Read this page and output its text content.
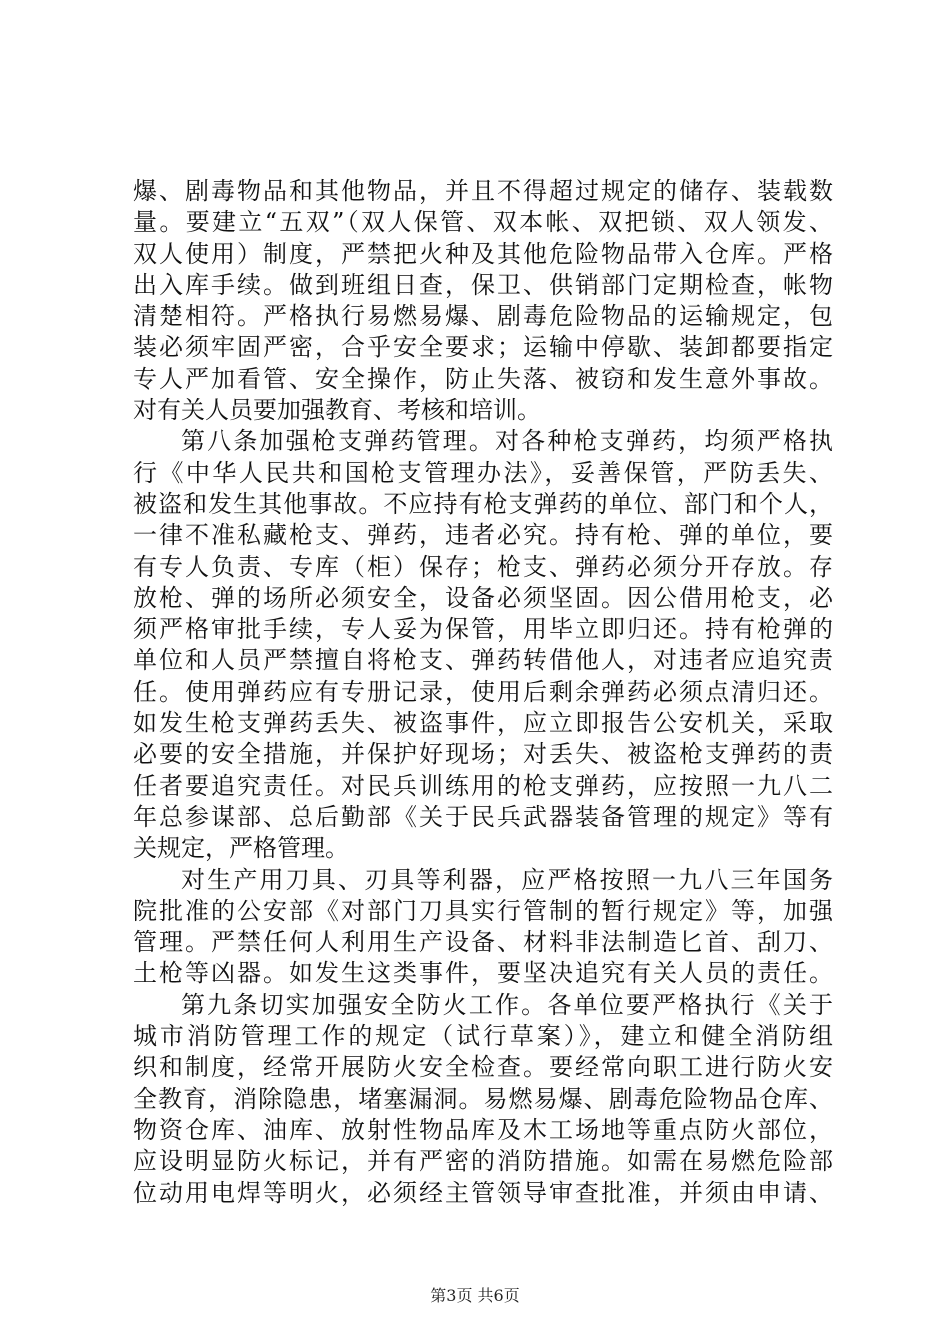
爆、剧毒物品和其他物品，并且不得超过规定的储存、装载数
量。要建立“五双”（双人保管、双本帐、双把锁、双人领发、
双人使用）制度，严禁把火种及其他危险物品带入仓库。严格
出入库手续。做到班组日查，保卫、供销部门定期检查，帐物
清楚相符。严格执行易燃易爆、剧毒危险物品的运输规定，包
装必须牢固严密，合乎安全要求；运输中停歇、装卸都要指定
专人严加看管、安全操作，防止失落、被窃和发生意外事故。
对有关人员要加强教育、考核和培训。
第八条加强枪支弹药管理。对各种枪支弹药，均须严格执
行《中华人民共和国枪支管理办法》，妥善保管，严防丢失、
被盗和发生其他事故。不应持有枪支弹药的单位、部门和个人，
一律不准私藏枪支、弹药，违者必究。持有枪、弹的单位，要
有专人负责、专库（柜）保存；枪支、弹药必须分开存放。存
放枪、弹的场所必须安全，设备必须坚固。因公借用枪支，必
须严格审批手续，专人妥为保管，用毕立即归还。持有枪弹的
单位和人员严禁擅自将枪支、弹药转借他人，对违者应追究责
任。使用弹药应有专册记录，使用后剩余弹药必须点清归还。
如发生枪支弹药丢失、被盗事件，应立即报告公安机关，采取
必要的安全措施，并保护好现场；对丢失、被盗枪支弹药的责
任者要追究责任。对民兵训练用的枪支弹药，应按照一九八二
年总参谋部、总后勤部《关于民兵武器装备管理的规定》等有
关规定，严格管理。
对生产用刀具、刃具等利器，应严格按照一九八三年国务
院批准的公安部《对部门刀具实行管制的暂行规定》等，加强
管理。严禁任何人利用生产设备、材料非法制造匕首、刮刀、
土枪等凶器。如发生这类事件，要坚决追究有关人员的责任。
第九条切实加强安全防火工作。各单位要严格执行《关于
城市消防管理工作的规定（试行草案）》，建立和健全消防组
织和制度，经常开展防火安全检查。要经常向职工进行防火安
全教育，消除隐患，堵塞漏洞。易燃易爆、剧毒危险物品仓库、
物资仓库、油库、放射性物品库及木工场地等重点防火部位，
应设明显防火标记，并有严密的消防措施。如需在易燃危险部
位动用电焊等明火，必须经主管领导审查批准，并须由申请、
第3页 共6页
